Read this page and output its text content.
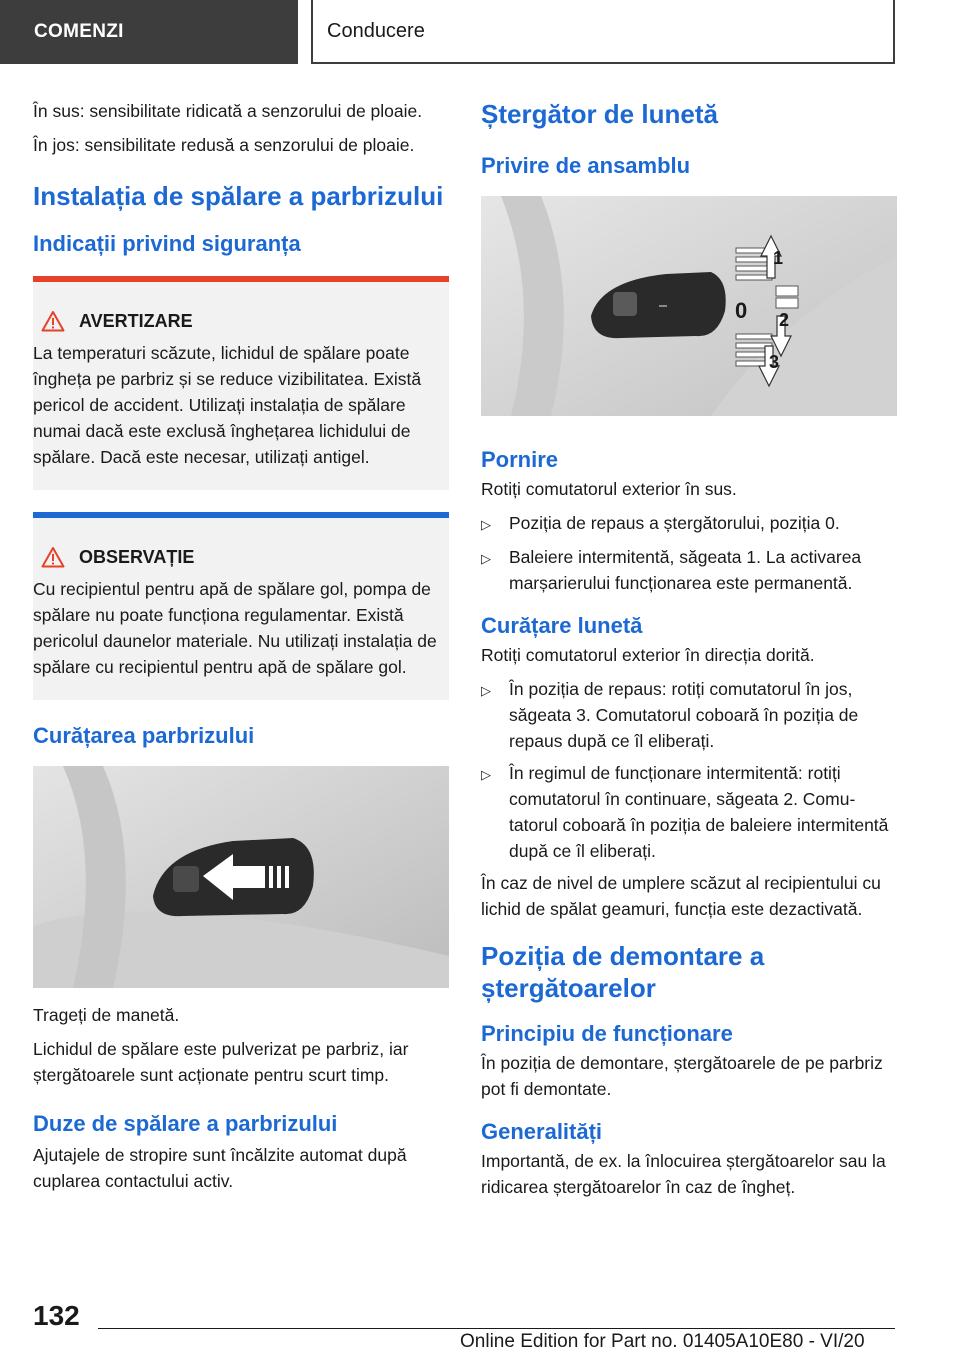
COMENZI	Conducere

În sus: sensibilitate ridicată a senzorului de ploaie.

În jos: sensibilitate redusă a senzorului de ploaie.

Instalația de spălare a parbrizului
Indicații privind siguranța
AVERTIZARE
La temperaturi scăzute, lichidul de spălare poate îngheța pe parbriz și se reduce vizibilitatea. Există pericol de accident. Utilizați instalația de spălare numai dacă este exclusă înghețarea lichidului de spălare. Dacă este necesar, utilizați antigel.
OBSERVAȚIE
Cu recipientul pentru apă de spălare gol, pompa de spălare nu poate funcționa regulamentar. Există pericolul daunelor materiale. Nu utilizați instalația de spălare cu recipientul pentru apă de spălare gol.
Curățarea parbrizului

Trageți de manetă.

Lichidul de spălare este pulverizat pe parbriz, iar ștergătoarele sunt acționate pentru scurt timp.

Duze de spălare a parbrizului

Ajutajele de stropire sunt încălzite automat după cuplarea contactului activ.

Ștergător de lunetă
Privire de ansamblu
1
0 2
3
Pornire

Rotiți comutatorul exterior în sus.

▷ Poziția de repaus a ștergătorului, poziția 0.
▷ Baleiere intermitentă, săgeata 1. La activarea marșarierului funcționarea este permanentă.
Curățare lunetă

Rotiți comutatorul exterior în direcția dorită.

▷ În poziția de repaus: rotiți comutatorul în jos, săgeata 3. Comutatorul coboară în poziția de repaus după ce îl eliberați.
▷ În regimul de funcționare intermitentă: rotiți comutatorul în continuare, săgeata 2. Comutatorul coboară în poziția de baleiere intermitentă după ce îl eliberați.

În caz de nivel de umplere scăzut al recipientului cu lichid de spălat geamuri, funcția este dezactivată.

Poziția de demontare a ștergătoarelor
Principiu de funcționare

În poziția de demontare, ștergătoarele de pe parbriz pot fi demontate.

Generalități

Importantă, de ex. la înlocuirea ștergătoarelor sau la ridicarea ștergătoarelor în caz de îngheț.

132
Online Edition for Part no. 01405A10E80 - VI/20
